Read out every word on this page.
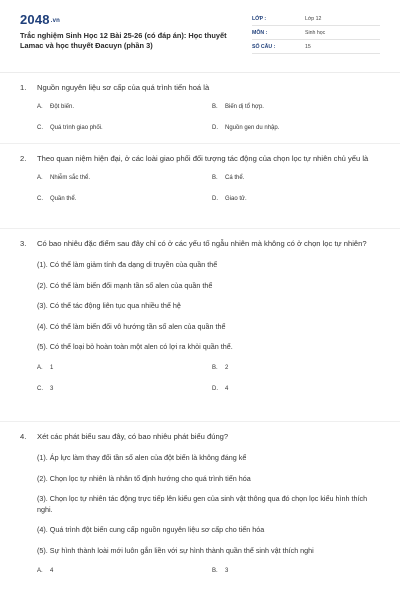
2048.vn
Trắc nghiệm Sinh Học 12 Bài 25-26 (có đáp án): Học thuyết Lamac và học thuyết Đacuyn (phần 3)
LỚP :	Lớp 12
MÔN :	Sinh học
SỐ CÂU :	15
1. Nguồn nguyên liệu sơ cấp của quá trình tiến hoá là
A. Đột biến.	B. Biến dị tổ hợp.
C. Quá trình giao phối.	D. Nguồn gen du nhập.
2. Theo quan niệm hiện đại, ở các loài giao phối đối tượng tác động của chọn lọc tự nhiên chủ yếu là
A. Nhiễm sắc thể.	B. Cá thể.
C. Quần thể.	D. Giao tử.
3. Có bao nhiêu đặc điểm sau đây chỉ có ở các yếu tố ngẫu nhiên mà không có ở chọn lọc tự nhiên?
(1). Có thể làm giảm tính đa dạng di truyền của quần thể
(2). Có thể làm biến đổi mạnh tần số alen của quần thể
(3). Có thể tác động liên tục qua nhiều thế hệ
(4). Có thể làm biến đổi vô hướng tần số alen của quần thể
(5). Có thể loại bỏ hoàn toàn một alen có lợi ra khỏi quần thể.
A. 1	B. 2
C. 3	D. 4
4. Xét các phát biểu sau đây, có bao nhiêu phát biểu đúng?
(1). Áp lực làm thay đổi tần số alen của đột biến là không đáng kể
(2). Chọn lọc tự nhiên là nhân tố định hướng cho quá trình tiến hóa
(3). Chọn lọc tự nhiên tác động trực tiếp lên kiểu gen của sinh vật thông qua đó chọn lọc kiểu hình thích nghi.
(4). Quá trình đột biến cung cấp nguồn nguyên liệu sơ cấp cho tiến hóa
(5). Sự hình thành loài mới luôn gắn liền với sự hình thành quần thể sinh vật thích nghi
A. 4	B. 3
